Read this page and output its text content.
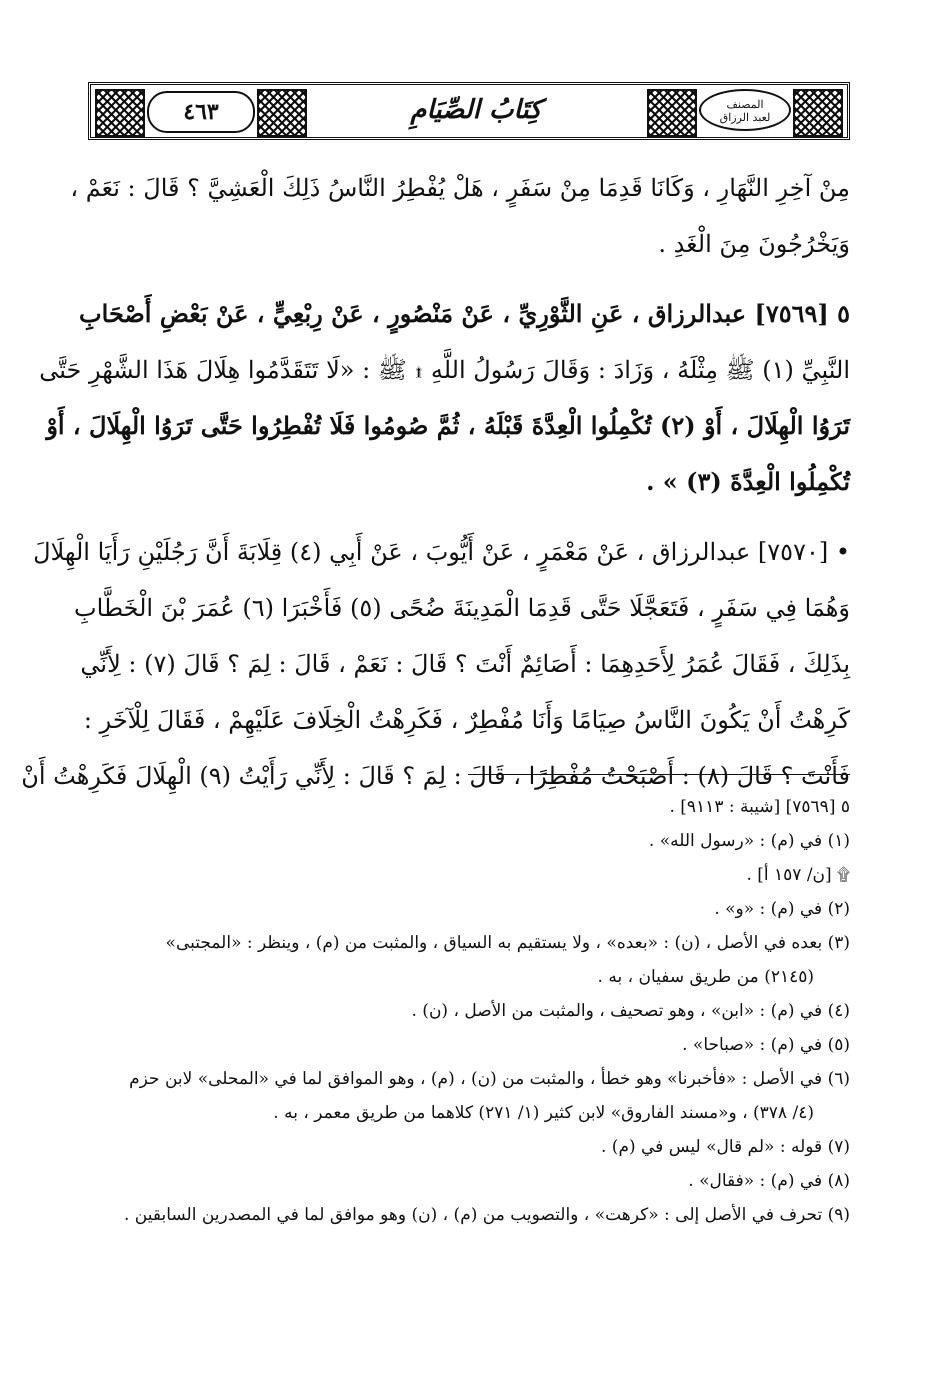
٤٦٣	كِتَابُ الصِّيَامِ	المصنف
لعبد الرزاق
مِنْ آخِرِ النَّهَارِ ، وَكَانَا قَدِمَا مِنْ سَفَرٍ ، هَلْ يُفْطِرُ النَّاسُ ذَلِكَ الْعَشِيَّ ؟ قَالَ : نَعَمْ ،
وَيَخْرُجُونَ مِنَ الْغَدِ .
٥ [٧٥٦٩] عبدالرزاق ، عَنِ الثَّوْرِيِّ ، عَنْ مَنْصُورٍ ، عَنْ رِبْعِيٍّ ، عَنْ بَعْضِ أَصْحَابِ
النَّبِيِّ (١) ﷺ مِثْلَهُ ، وَزَادَ : وَقَالَ رَسُولُ اللَّهِ ۩ ﷺ : «لَا تَتَقَدَّمُوا هِلَالَ هَذَا الشَّهْرِ حَتَّى
تَرَوُا الْهِلَالَ ، أَوْ (٢) تُكْمِلُوا الْعِدَّةَ قَبْلَهُ ، ثُمَّ صُومُوا فَلَا تُفْطِرُوا حَتَّى تَرَوُا الْهِلَالَ ، أَوْ
تُكْمِلُوا الْعِدَّةَ (٣) » .
• [٧٥٧٠] عبدالرزاق ، عَنْ مَعْمَرٍ ، عَنْ أَيُّوبَ ، عَنْ أَبِي (٤) قِلَابَةَ أَنَّ رَجُلَيْنِ رَأَيَا الْهِلَالَ
وَهُمَا فِي سَفَرٍ ، فَتَعَجَّلَا حَتَّى قَدِمَا الْمَدِينَةَ ضُحًى (٥) فَأَخْبَرَا (٦) عُمَرَ بْنَ الْخَطَّابِ
بِذَلِكَ ، فَقَالَ عُمَرُ لِأَحَدِهِمَا : أَصَائِمٌ أَنْتَ ؟ قَالَ : نَعَمْ ، قَالَ : لِمَ ؟ قَالَ (٧) : لِأَنِّي
كَرِهْتُ أَنْ يَكُونَ النَّاسُ صِيَامًا وَأَنَا مُفْطِرٌ ، فَكَرِهْتُ الْخِلَافَ عَلَيْهِمْ ، فَقَالَ لِلْآخَرِ :
فَأَنْتَ ؟ قَالَ (٨) : أَصْبَحْتُ مُفْطِرًا ، قَالَ : لِمَ ؟ قَالَ : لِأَنِّي رَأَيْتُ (٩) الْهِلَالَ فَكَرِهْتُ أَنْ
٥ [٧٥٦٩] [شيبة : ٩١١٣] .
(١) في (م) : «رسول الله» .
۩ [ن/ ١٥٧ أ] .
(٢) في (م) : «و» .
(٣) بعده في الأصل ، (ن) : «بعده» ، ولا يستقيم به السياق ، والمثبت من (م) ، وينظر : «المجتبى»
(٢١٤٥) من طريق سفيان ، به .
(٤) في (م) : «ابن» ، وهو تصحيف ، والمثبت من الأصل ، (ن) .
(٥) في (م) : «صباحا» .
(٦) في الأصل : «فأخبرنا» وهو خطأ ، والمثبت من (ن) ، (م) ، وهو الموافق لما في «المحلى» لابن حزم
(٤/ ٣٧٨) ، و«مسند الفاروق» لابن كثير (١/ ٢٧١) كلاهما من طريق معمر ، به .
(٧) قوله : «لم قال» ليس في (م) .
(٨) في (م) : «فقال» .
(٩) تحرف في الأصل إلى : «كرهت» ، والتصويب من (م) ، (ن) وهو موافق لما في المصدرين السابقين .
